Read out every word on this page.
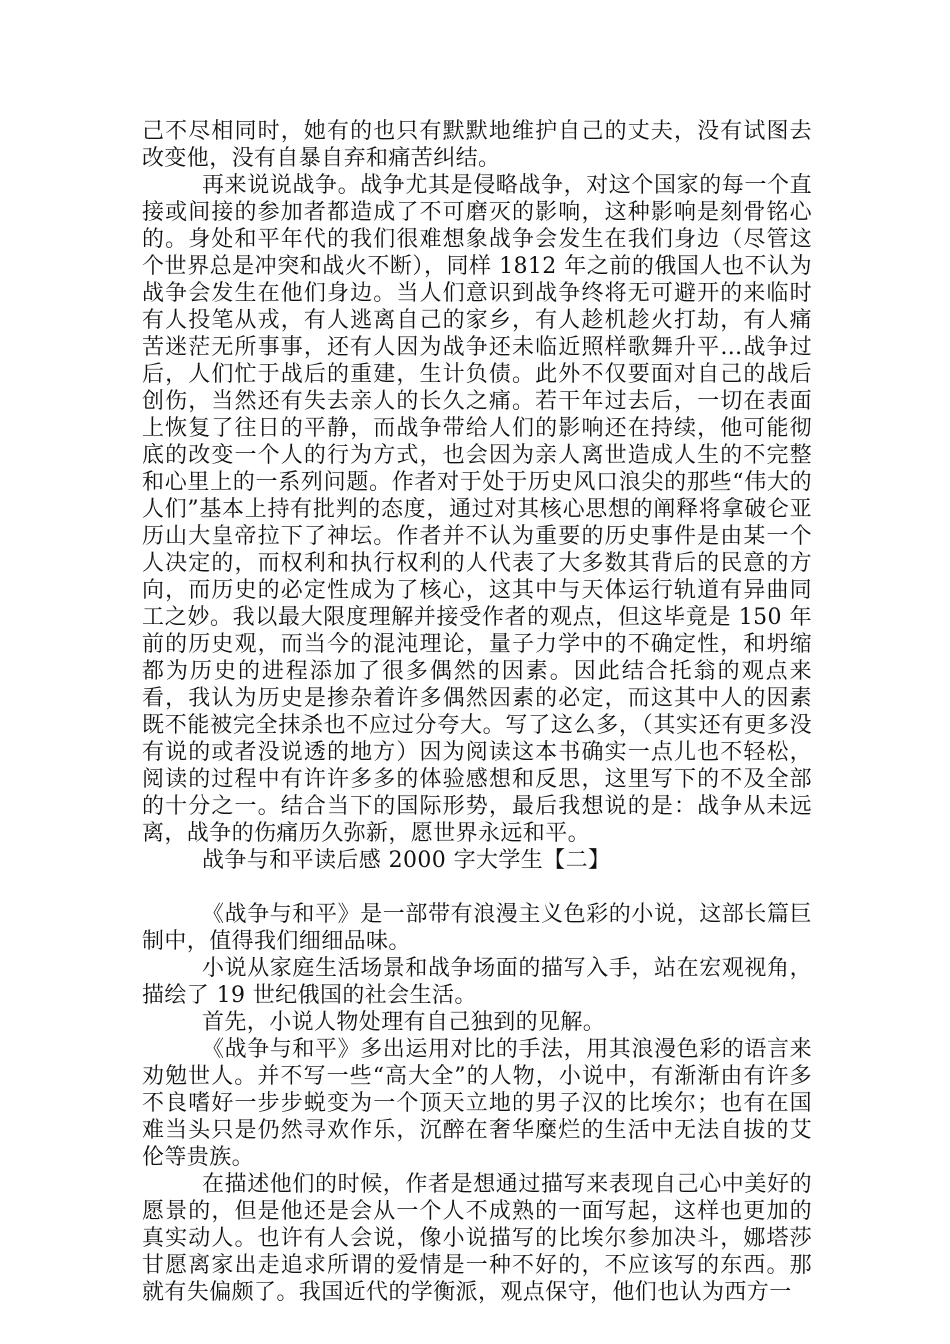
己不尽相同时，她有的也只有默默地维护自己的丈夫，没有试图去改变他，没有自暴自弃和痛苦纠结。

再来说说战争。战争尤其是侵略战争，对这个国家的每一个直接或间接的参加者都造成了不可磨灭的影响，这种影响是刻骨铭心的。身处和平年代的我们很难想象战争会发生在我们身边（尽管这个世界总是冲突和战火不断），同样 1812 年之前的俄国人也不认为战争会发生在他们身边。当人们意识到战争终将无可避开的来临时有人投笔从戎，有人逃离自己的家乡，有人趁机趁火打劫，有人痛苦迷茫无所事事，还有人因为战争还未临近照样歌舞升平…战争过后，人们忙于战后的重建，生计负债。此外不仅要面对自己的战后创伤，当然还有失去亲人的长久之痛。若干年过去后，一切在表面上恢复了往日的平静，而战争带给人们的影响还在持续，他可能彻底的改变一个人的行为方式，也会因为亲人离世造成人生的不完整和心里上的一系列问题。作者对于处于历史风口浪尖的那些“伟大的人们”基本上持有批判的态度，通过对其核心思想的阐释将拿破仑亚历山大皇帝拉下了神坛。作者并不认为重要的历史事件是由某一个人决定的，而权利和执行权利的人代表了大多数其背后的民意的方向，而历史的必定性成为了核心，这其中与天体运行轨道有异曲同工之妙。我以最大限度理解并接受作者的观点，但这毕竟是 150 年前的历史观，而当今的混沌理论，量子力学中的不确定性，和坍缩都为历史的进程添加了很多偶然的因素。因此结合托翁的观点来看，我认为历史是掺杂着许多偶然因素的必定，而这其中人的因素既不能被完全抹杀也不应过分夸大。写了这么多，（其实还有更多没有说的或者没说透的地方）因为阅读这本书确实一点儿也不轻松，阅读的过程中有许许多多的体验感想和反思，这里写下的不及全部的十分之一。结合当下的国际形势，最后我想说的是：战争从未远离，战争的伤痛历久弥新，愿世界永远和平。

战争与和平读后感 2000 字大学生【二】

《战争与和平》是一部带有浪漫主义色彩的小说，这部长篇巨制中，值得我们细细品味。

小说从家庭生活场景和战争场面的描写入手，站在宏观视角，描绘了 19 世纪俄国的社会生活。

首先，小说人物处理有自己独到的见解。

《战争与和平》多出运用对比的手法，用其浪漫色彩的语言来劝勉世人。并不写一些“高大全”的人物，小说中，有渐渐由有许多不良嗜好一步步蜕变为一个顶天立地的男子汉的比埃尔；也有在国难当头只是仍然寻欢作乐，沉醉在奢华糜烂的生活中无法自拔的艾伦等贵族。

在描述他们的时候，作者是想通过描写来表现自己心中美好的愿景的，但是他还是会从一个人不成熟的一面写起，这样也更加的真实动人。也许有人会说，像小说描写的比埃尔参加决斗，娜塔莎甘愿离家出走追求所谓的爱情是一种不好的，不应该写的东西。那就有失偏颇了。我国近代的学衡派，观点保守，他们也认为西方一
